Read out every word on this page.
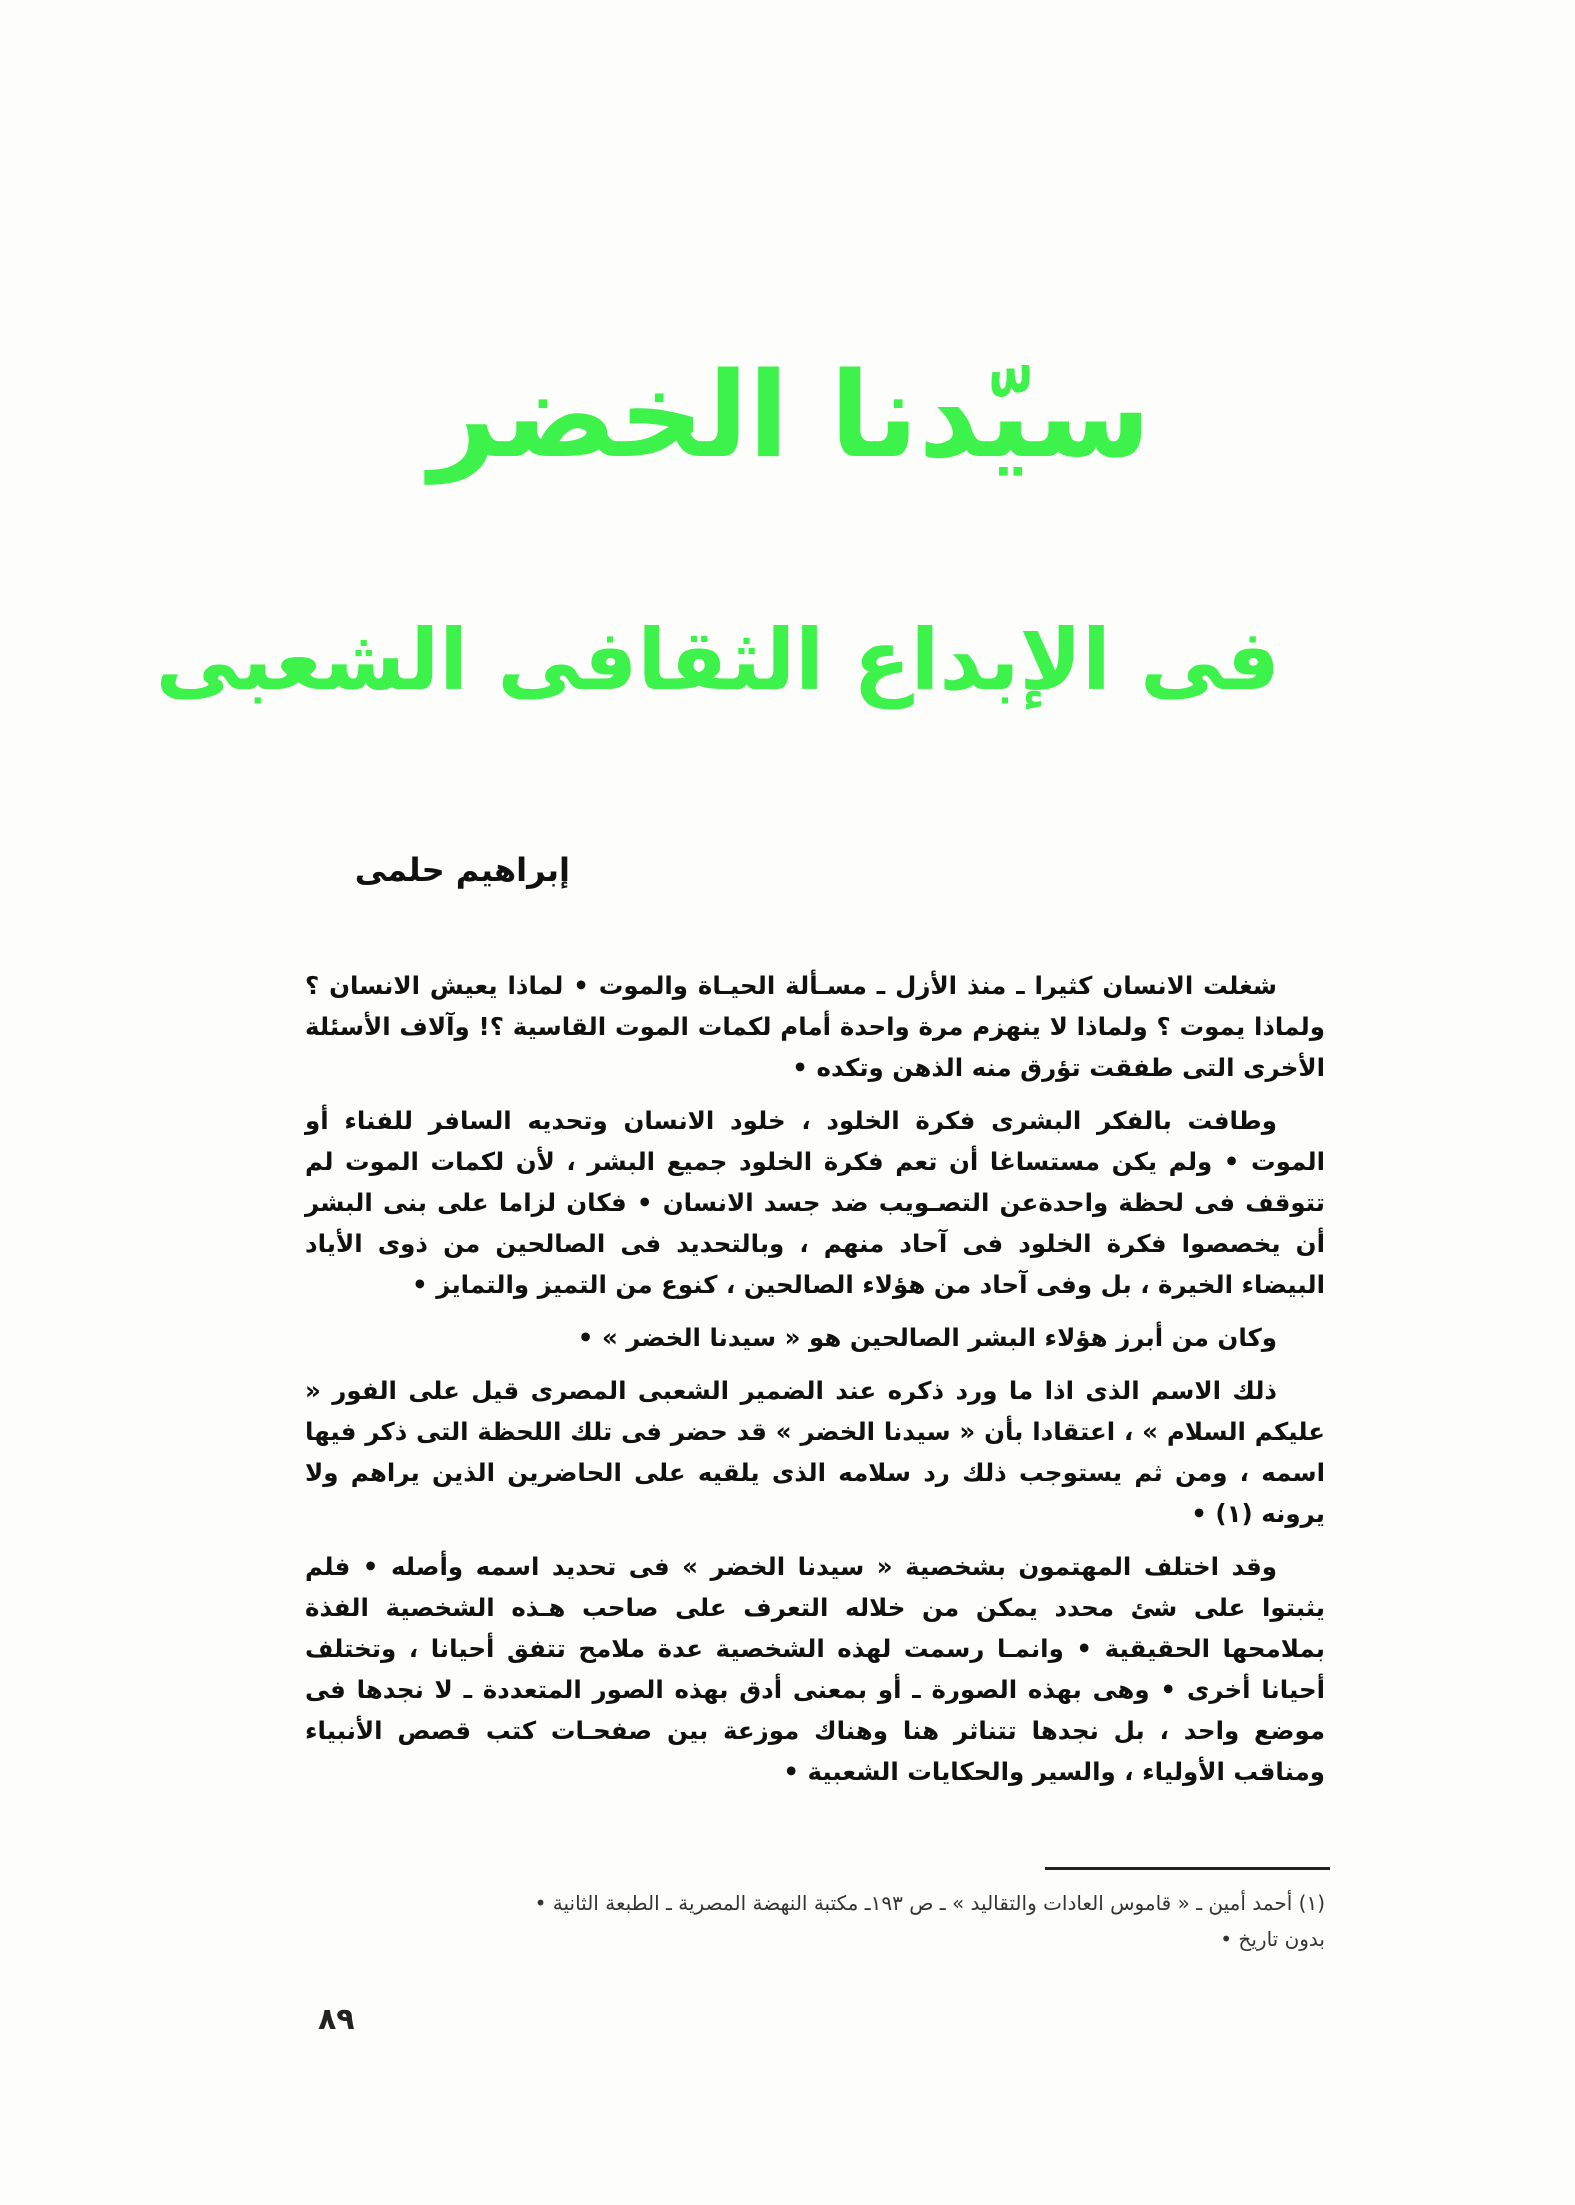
سيّدنا الخضر
فى الإبداع الثقافى الشعبى
إبراهيم حلمى

شغلت الانسان كثيرا ـ منذ الأزل ـ مسـألة الحيـاة والموت • لماذا يعيش الانسان ؟ ولماذا يموت ؟ ولماذا لا ينهزم مرة واحدة أمام لكمات الموت القاسية ؟! وآلاف الأسئلة الأخرى التى طفقت تؤرق منه الذهن وتكده •

وطافت بالفكر البشرى فكرة الخلود ، خلود الانسان وتحديه السافر للفناء أو الموت • ولم يكن مستساغا أن تعم فكرة الخلود جميع البشر ، لأن لكمات الموت لم تتوقف فى لحظة واحدةعن التصـويب ضد جسد الانسان • فكان لزاما على بنى البشر أن يخصصوا فكرة الخلود فى آحاد منهم ، وبالتحديد فى الصالحين من ذوى الأياد البيضاء الخيرة ، بل وفى آحاد من هؤلاء الصالحين ، كنوع من التميز والتمايز •

وكان من أبرز هؤلاء البشر الصالحين هو « سيدنا الخضر » •

ذلك الاسم الذى اذا ما ورد ذكره عند الضمير الشعبى المصرى قيل على الفور « عليكم السلام » ، اعتقادا بأن « سيدنا الخضر » قد حضر فى تلك اللحظة التى ذكر فيها اسمه ، ومن ثم يستوجب ذلك رد سلامه الذى يلقيه على الحاضرين الذين يراهم ولا يرونه (١) •

وقد اختلف المهتمون بشخصية « سيدنا الخضر » فى تحديد اسمه وأصله • فلم يثبتوا على شئ محدد يمكن من خلاله التعرف على صاحب هـذه الشخصية الفذة بملامحها الحقيقية • وانمـا رسمت لهذه الشخصية عدة ملامح تتفق أحيانا ، وتختلف أحيانا أخرى • وهى بهذه الصورة ـ أو بمعنى أدق بهذه الصور المتعددة ـ لا نجدها فى موضع واحد ، بل نجدها تتناثر هنا وهناك موزعة بين صفحـات كتب قصص الأنبياء ومناقب الأولياء ، والسير والحكايات الشعبية •

(١) أحمد أمين ـ « قاموس العادات والتقاليد » ـ ص ١٩٣ـ مكتبة النهضة المصرية ـ الطبعة الثانية •

بدون تاريخ •

٨٩
